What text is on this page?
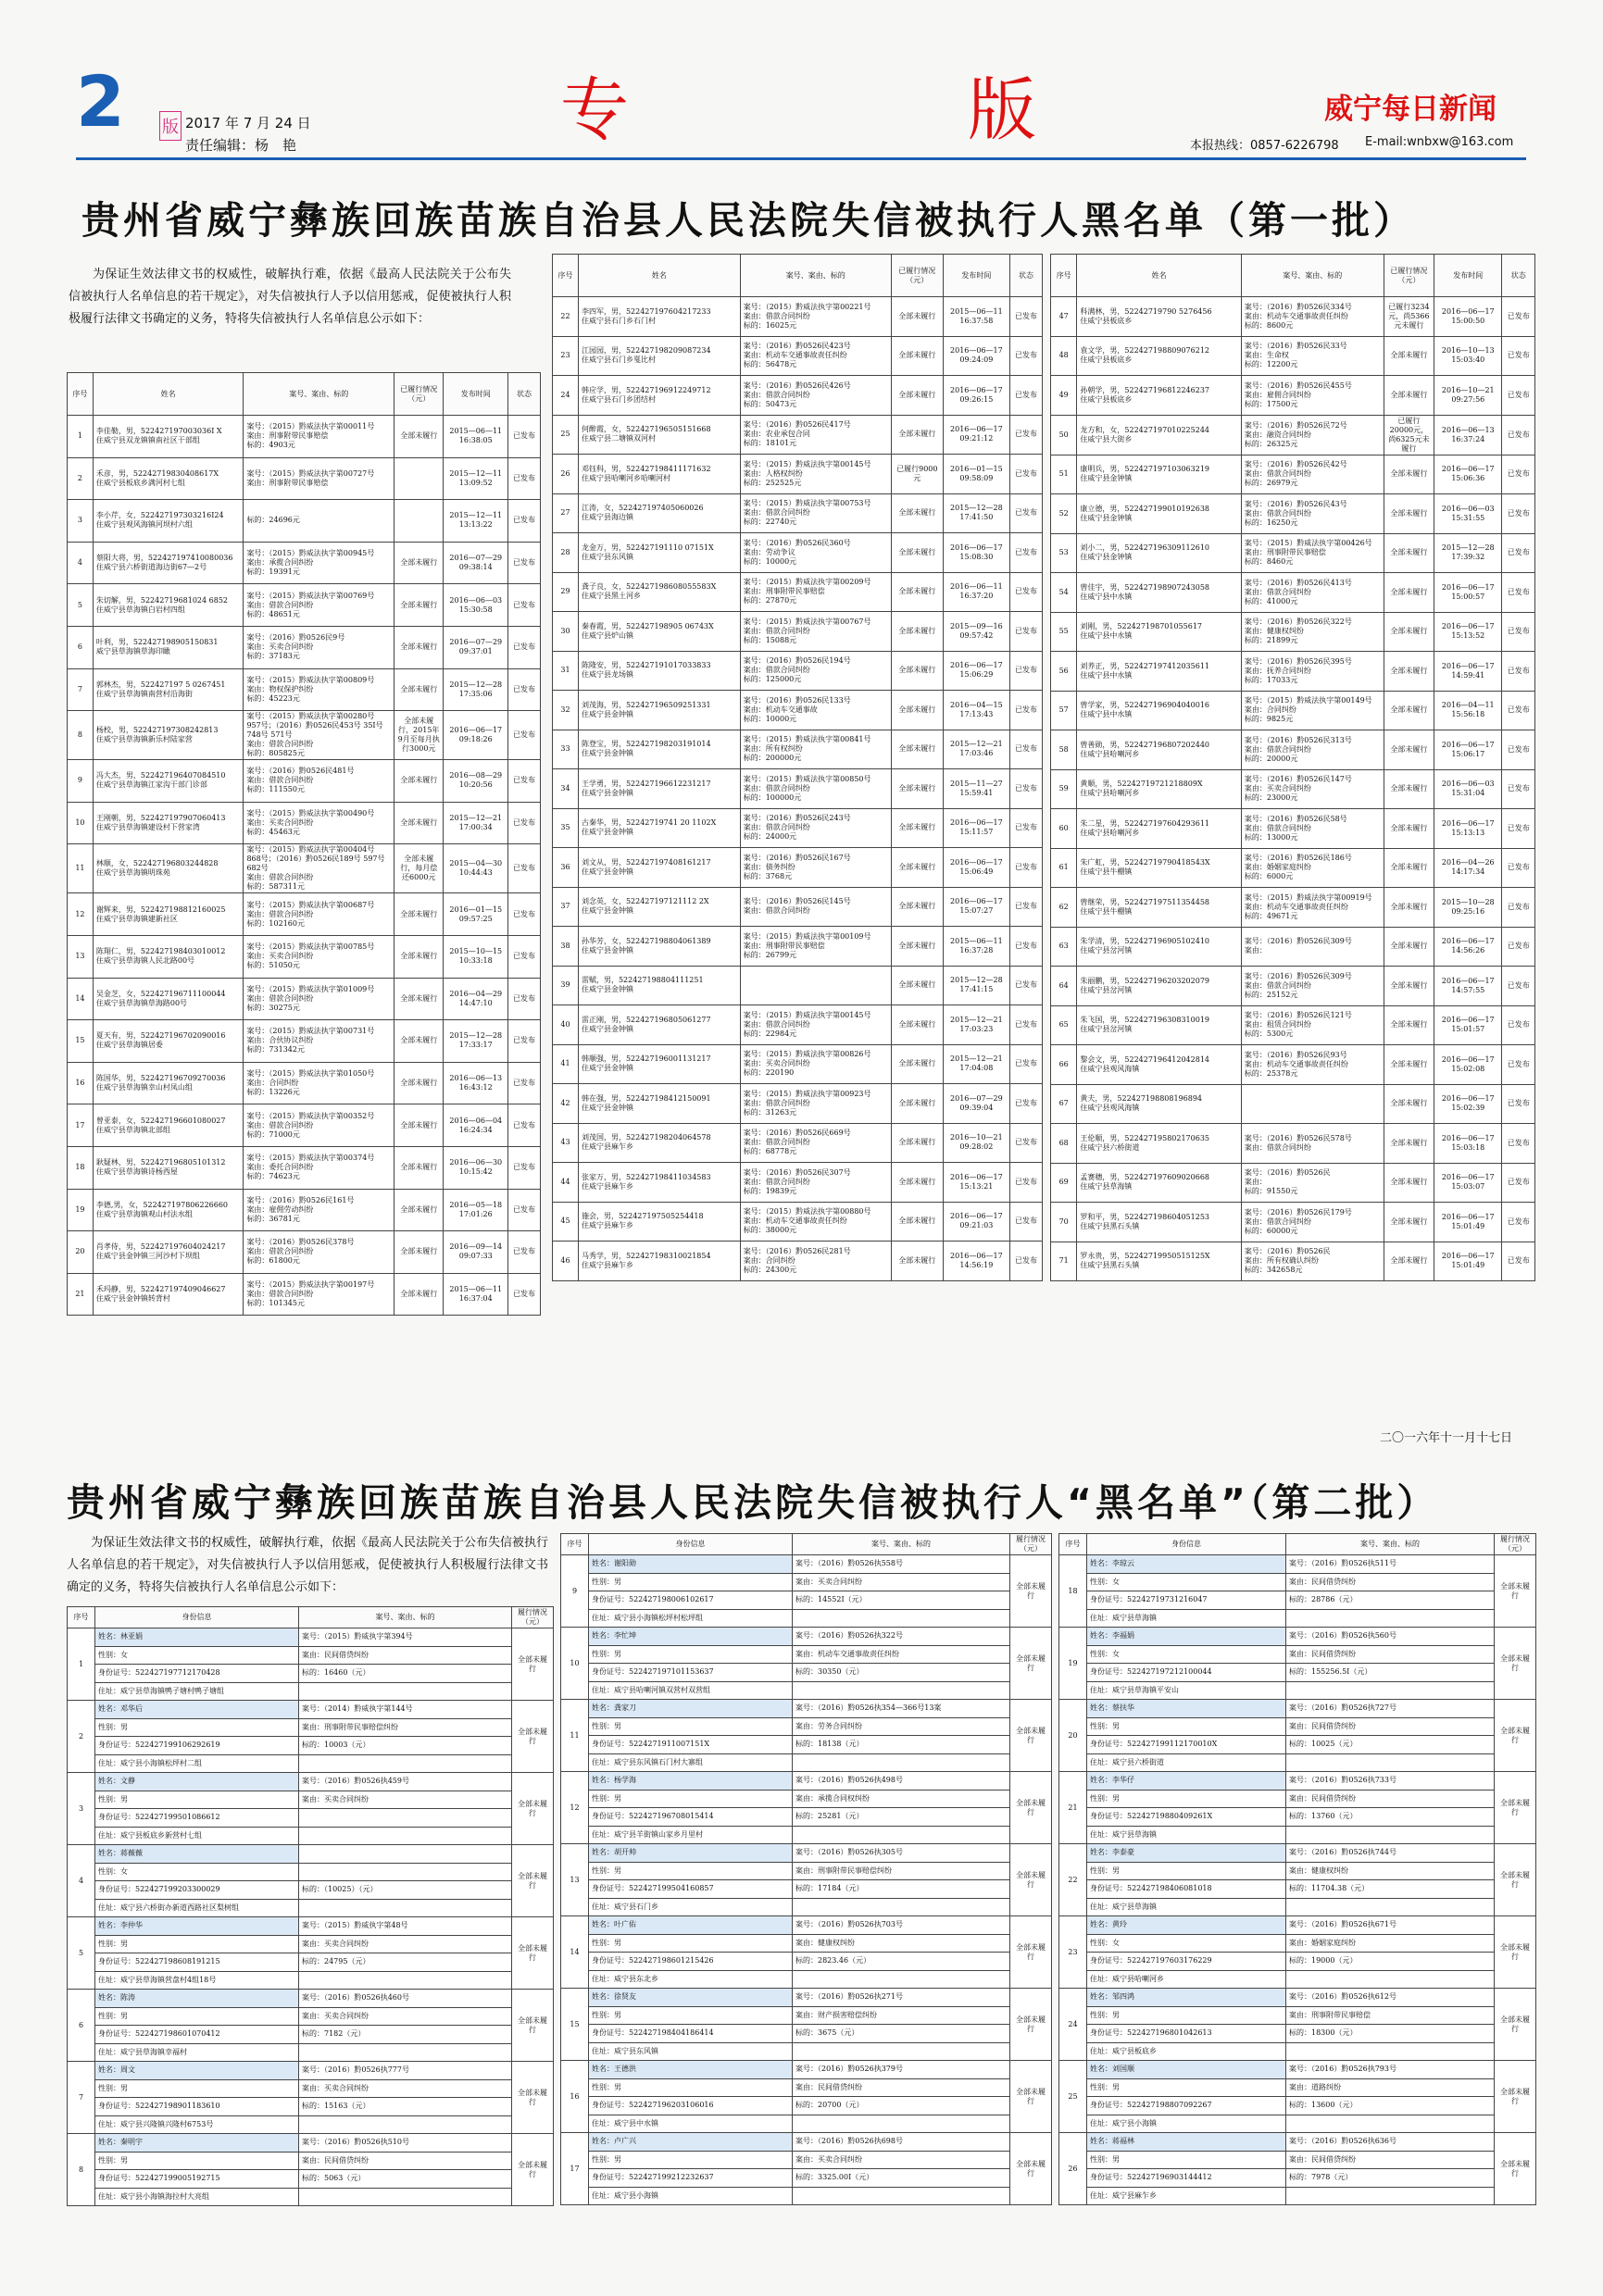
2 版 2017 年 7 月 24 日
责任编辑：杨　艳	专	版	威宁每日新闻
本报热线：0857-6226798 E-mail:wnbxw@163.com
贵州省威宁彝族回族苗族自治县人民法院失信被执行人黑名单（第一批）
为保证生效法律文书的权威性，破解执行难，依据《最高人民法院关于公布失信被执行人名单信息的若干规定》，对失信被执行人予以信用惩戒，促使被执行人积极履行法律文书确定的义务，特将失信被执行人名单信息公示如下：
序号	姓名	案号、案由、标的	已履行情况（元）	发布时间	状态
1	李佳勒，男，522427197003036I X
住威宁县双龙镇镇南社区干部组	案号：（2015）黔威法执字第00011号
案由：刑事附带民事赔偿
标的：4903元	全部未履行	2015—06—11 16:38:05	已发布
2	禾彦，男，52242719830408617X
住威宁县板底乡满河村七组	案号：（2015）黔威法执字第00727号
案由：刑事附带民事赔偿		2015—12—11 13:09:52	已发布
3	李小芹，女，522427197303216I24
住威宁县观风海镇河坝村六组	标的：24696元		2015—12—11 13:13:22	已发布
4	蔡阳大将，男，522427197410080036
住威宁县六桥街道海边街67—2号	案号：（2015）黔威法执字第00945号
案由：承揽合同纠纷
标的：19391元	全部未履行	2016—07—29 09:38:14	已发布
5	朱切解，男，52242719681024 6852
住威宁县草海镇白岩村四组	案号：（2015）黔威法执字第00769号
案由：借款合同纠纷
标的：48651元	全部未履行	2016—06—03 15:30:58	已发布
6	叶利，男，522427198905150831
威宁县草海镇草海印瞰	案号：（2016）黔0526民9号
案由：买卖合同纠纷
标的：37183元	全部未履行	2016—07—29 09:37:01	已发布
7	郭林杰，男，522427197 5 0267451
住威宁县草海镇南营村沿海街	案号：（2015）黔威法执字第00809号
案由：物权保护纠纷
标的：45223元	全部未履行	2015—12—28 17:35:06	已发布
8	杨校，男，522427197308242813
住威宁县草海镇新乐村陆家营	案号：（2015）黔威法执字第00280号 957号；（2016）黔0526民453号 35I号 748号 571号
案由：借款合同纠纷
标的：805825元	全部未履行，2015年9月至每月执行3000元	2016—06—17 09:18:26	已发布
9	冯大杰，男，522427196407084510
住威宁县草海镇江家沟干部门诊部	案号：（2016）黔0526民481号
案由：借款合同纠纷
标的：111550元	全部未履行	2016—08—29 10:20:56	已发布
10	王刚朝，男，522427197907060413
住威宁县草海镇建设村下营家湾	案号：（2015）黔威法执字第00490号
案由：买卖合同纠纷
标的：45463元	全部未履行	2015—12—21 17:00:34	已发布
11	林顺，女，522427196803244828
住威宁县草海镇明珠苑	案号：（2015）黔威法执字第00404号 868号；（2016）黔0526民189号 597号 682号
案由：借款合同纠纷
标的：587311元	全部未履行，每月偿还6000元	2015—04—30 10:44:43	已发布
12	谢辉来，男，522427198812160025
住威宁县草海镇建新社区	案号：（2015）黔威法执字第00687号
案由：借款合同纠纷
标的：102160元	全部未履行	2016—01—15 09:57:25	已发布
13	陈翔仁，男，522427198403010012
住威宁县草海镇人民北路00号	案号：（2015）黔威法执字第00785号
案由：买卖合同纠纷
标的：51050元	全部未履行	2015—10—15 10:33:18	已发布
14	吴金芝，女，522427196711100044
住威宁县草海镇草海路00号	案号：（2015）黔威法执字第01009号
案由：借款合同纠纷
标的：30275元	全部未履行	2016—04—29 14:47:10	已发布
15	夏天有，男，522427196702090016
住威宁县草海镇居委	案号：（2015）黔威法执字第00731号
案由：合伙协议纠纷
标的：731342元	全部未履行	2015—12—28 17:33:17	已发布
16	陈国华，男，522427196709270036
住威宁县草海镇幸山村凤山组	案号：（2015）黔威法执字第01050号
案由：合同纠纷
标的：13226元	全部未履行	2016—06—13 16:43:12	已发布
17	曾亚泰，女，522427196601080027
住威宁县草海镇北部组	案号：（2015）黔威法执字第00352号
案由：借款合同纠纷
标的：71000元	全部未履行	2016—06—04 16:24:34	已发布
18	耿疑林，男，522427196805101312
住威宁县草海镇诗杨西屋	案号：（2015）黔威法执字第00374号
案由：委托合同纠纷
标的：74623元	全部未履行	2016—06—30 10:15:42	已发布
19	李德,男，女，522427197806226660
住威宁县草海镇观山村法水组	案号：（2016）黔0526民161号
案由：雇佣劳动纠纷
标的：36781元	全部未履行	2016—05—18 17:01:26	已发布
20	肖孝侍，男，522427197604024217
住威宁县金钟镇三河沙村下坝组	案号：（2016）黔0526民378号
案由：借款合同纠纷
标的：61800元	全部未履行	2016—09—14 09:07:33	已发布
21	禾玛静，男，522427197409046627
住威宁县金钟镇转背村	案号：（2015）黔威法执字第00197号
案由：借款合同纠纷
标的：101345元	全部未履行	2015—06—11 16:37:04	已发布
序号	姓名	案号、案由、标的	已履行情况（元）	发布时间	状态
22	李四军，男，522427197604217233
住威宁县石门乡石门村	案号：（2015）黔威法执字第00221号
案由：借款合同纠纷
标的：16025元	全部未履行	2015—06—11 16:37:58	已发布
23	江园园，男，522427198209087234
住威宁县石门乡戛比村	案号：（2016）黔0526民423号
案由：机动车交通事故责任纠纷
标的：56478元	全部未履行	2016—06—17 09:24:09	已发布
24	韩应学，男，522427196912249712
住威宁县石门乡团结村	案号：（2016）黔0526民426号
案由：借款合同纠纷
标的：50473元	全部未履行	2016—06—17 09:26:15	已发布
25	何醉霞，女，522427196505151668
住威宁县二塘镇双河村	案号：（2016）黔0526民417号
案由：农业承包合同
标的：18101元	全部未履行	2016—06—17 09:21:12	已发布
26	邓钰科，男，522427198411171632
住威宁县哈喇河乡哈喇河村	案号：（2015）黔威法执字第00145号
案由：人格权纠纷
标的：252525元	已履行9000元	2016—01—15 09:58:09	已发布
27	江涛，女，522427197405060026
住威宁县海边镇	案号：（2015）黔威法执字第00753号
案由：借款合同纠纷
标的：22740元	全部未履行	2015—12—28 17:41:50	已发布
28	龙金万，男，522427191110 07151X
住威宁县东风镇	案号：（2016）黔0526民360号
案由：劳动争议
标的：10000元	全部未履行	2016—06—17 15:08:30	已发布
29	龚子良，女，522427198608055583X
住威宁县黑土河乡	案号：（2015）黔威法执字第00209号
案由：刑事附带民事赔偿
标的：27870元	全部未履行	2016—06—11 16:37:20	已发布
30	秦春霞，男，522427198905 06743X
住威宁县炉山镇	案号：（2015）黔威法执字第00767号
案由：借款合同纠纷
标的：15088元	全部未履行	2015—09—16 09:57:42	已发布
31	陈隆安，男，522427191017033833
住威宁县龙场镇	案号：（2016）黔0526民194号
案由：借款合同纠纷
标的：125000元	全部未履行	2016—06—17 15:06:29	已发布
32	刘茂海，男，522427196509251331
住威宁县金钟镇	案号：（2016）黔0526民133号
案由：机动车交通事故
标的：10000元	全部未履行	2016—04—15 17:13:43	已发布
33	陈登宝，男，522427198203191014
住威宁县金钟镇	案号：（2015）黔威法执字第00841号
案由：所有权纠纷
标的：200000元	全部未履行	2015—12—21 17:03:46	已发布
34	王学勇，男，522427196612231217
住威宁县金钟镇	案号：（2015）黔威法执字第00850号
案由：借款合同纠纷
标的：100000元	全部未履行	2015—11—27 15:59:41	已发布
35	古秦华，男，52242719741 20 1102X
住威宁县金钟镇	案号：（2016）黔0526民243号
案由：借款合同纠纷
标的：24000元	全部未履行	2016—06—17 15:11:57	已发布
36	刘文从，男，522427197408161217
住威宁县金钟镇	案号：（2016）黔0526民167号
案由：债务纠纷
标的：3768元	全部未履行	2016—06—17 15:06:49	已发布
37	刘念英，女，522427197121112 2X
住威宁县金钟镇	案号：（2016）黔0526民145号
案由：借款合同纠纷	全部未履行	2016—06—17 15:07:27	已发布
38	孙华芳，女，522427198804061389
住威宁县金钟镇	案号：（2015）黔威法执字第00109号
案由：刑事附带民事赔偿
标的：26799元	全部未履行	2015—06—11 16:37:28	已发布
39	雷赋，男，522427198804111251
住威宁县金钟镇		全部未履行	2015—12—28 17:41:15	已发布
40	雷正刚，男，522427196805061277
住威宁县金钟镇	案号：（2015）黔威法执字第00145号
案由：借款合同纠纷
标的：22984元	全部未履行	2015—12—21 17:03:23	已发布
41	韩顺强，男，522427196001131217
住威宁县金钟镇	案号：（2015）黔威法执字第00826号
案由：买卖合同纠纷
标的：220190	全部未履行	2015—12—21 17:04:08	已发布
42	韩在强，男，522427198412150091
住威宁县金钟镇	案号：（2015）黔威法执字第00923号
案由：借款合同纠纷
标的：31263元	全部未履行	2016—07—29 09:39:04	已发布
43	刘茂国，男，522427198204064578
住威宁县麻乍乡	案号：（2016）黔0526民669号
案由：借款合同纠纷
标的：68778元	全部未履行	2016—10—21 09:28:02	已发布
44	张家万，男，522427198411034583
住威宁县麻乍乡	案号：（2016）黔0526民307号
案由：借款合同纠纷
标的：19839元	全部未履行	2016—06—17 15:13:21	已发布
45	施会，男，522427197505254418
住威宁县麻乍乡	案号：（2015）黔威法执字第00880号
案由：机动车交通事故责任纠纷
标的：38000元	全部未履行	2016—06—17 09:21:03	已发布
46	马秀学，男，522427198310021854
住威宁县麻乍乡	案号：（2016）黔0526民281号
案由：合同纠纷
标的：24300元	全部未履行	2016—06—17 14:56:19	已发布
序号	姓名	案号、案由、标的	已履行情况（元）	发布时间	状态
47	科满林，男，52242719790 5276456
住威宁县板底乡	案号：（2016）黔0526民334号
案由：机动车交通事故责任纠纷
标的：8600元	已履行3234元，尚5366元未履行	2016—06—17 15:00:50	已发布
48	袁文学，男，522427198809076212
住威宁县板底乡	案号：（2016）黔0526民33号
案由：生命权
标的：12200元	全部未履行	2016—10—13 15:03:40	已发布
49	孙朝学，男，522427196812246237
住威宁县板底乡	案号：（2016）黔0526民455号
案由：雇佣合同纠纷
标的：17500元	全部未履行	2016—10—21 09:27:56	已发布
50	龙方和，女，522427197010225244
住威宁县大街乡	案号：（2016）黔0526民72号
案由：融资合同纠纷
标的：26325元	已履行20000元，尚6325元未履行	2016—06—13 16:37:24	已发布
51	康明兵，男，522427197103063219
住威宁县金钟镇	案号：（2016）黔0526民42号
案由：借款合同纠纷
标的：26979元	全部未履行	2016—06—17 15:06:36	已发布
52	康立德，男，522427199010192638
住威宁县金钟镇	案号：（2016）黔0526民43号
案由：借款合同纠纷
标的：16250元	全部未履行	2016—06—03 15:31:55	已发布
53	刘小二，男，522427196309112610
住威宁县金钟镇	案号：（2015）黔威法执字第00426号
案由：刑事附带民事赔偿
标的：8460元	全部未履行	2015—12—28 17:39:32	已发布
54	曾佳宇，男，522427198907243058
住威宁县中水镇	案号：（2016）黔0526民413号
案由：借款合同纠纷
标的：41000元	全部未履行	2016—06—17 15:00:57	已发布
55	刘刚，男，522427198701055617
住威宁县中水镇	案号：（2016）黔0526民322号
案由：健康权纠纷
标的：21899元	全部未履行	2016—06—17 15:13:52	已发布
56	刘养正，男，522427197412035611
住威宁县中水镇	案号：（2016）黔0526民395号
案由：抚养合同纠纷
标的：17033元	全部未履行	2016—06—17 14:59:41	已发布
57	曾学家，男，522427196904040016
住威宁县中水镇	案号：（2015）黔威法执字第00149号
案由：合同纠纷
标的：9825元	全部未履行	2016—04—11 15:56:18	已发布
58	曾善勋，男，522427196807202440
住威宁县哈喇河乡	案号：（2016）黔0526民313号
案由：借款合同纠纷
标的：20000元	全部未履行	2016—06—17 15:06:17	已发布
59	黄顺，男，52242719721218809X
住威宁县哈喇河乡	案号：（2016）黔0526民147号
案由：买卖合同纠纷
标的：23000元	全部未履行	2016—06—03 15:31:04	已发布
60	朱二星，男，522427197604293611
住威宁县哈喇河乡	案号：（2016）黔0526民58号
案由：借款合同纠纷
标的：13000元	全部未履行	2016—06—17 15:13:13	已发布
61	朱广虹，男，52242719790418543X
住威宁县牛棚镇	案号：（2016）黔0526民186号
案由：婚姻家庭纠纷
标的：6000元	全部未履行	2016—04—26 14:17:34	已发布
62	曾继荣，男，522427197511354458
住威宁县牛棚镇	案号：（2015）黔威法执字第00919号
案由：机动车交通事故责任纠纷
标的：49671元	全部未履行	2015—10—28 09:25:16	已发布
63	朱学清，男，522427196905102410
住威宁县岔河镇	案号：（2016）黔0526民309号
案由：	全部未履行	2016—06—17 14:56:26	已发布
64	朱丽鹏，男，522427196203202079
住威宁县岔河镇	案号：（2016）黔0526民309号
案由：借款合同纠纷
标的：25152元	全部未履行	2016—06—17 14:57:55	已发布
65	朱飞国，男，522427196308310019
住威宁县岔河镇	案号：（2016）黔0526民121号
案由：租赁合同纠纷
标的：5300元	全部未履行	2016—06—17 15:01:57	已发布
66	黎会文，男，522427196412042814
住威宁县观风海镇	案号：（2016）黔0526民93号
案由：机动车交通事故责任纠纷
标的：25378元	全部未履行	2016—06—17 15:02:08	已发布
67	黄夫，男，522427198808196894
住威宁县观风海镇		全部未履行	2016—06—17 15:02:39	已发布
68	王伦顺，男，522427195802170635
住威宁县六桥街道	案号：（2016）黔0526民578号
案由：借款合同纠纷	全部未履行	2016—06—17 15:03:18	已发布
69	孟赛穗，男，522427197609020668
住威宁县草海镇	案号：（2016）黔0526民
案由：
标的：91550元	全部未履行	2016—06—17 15:03:07	已发布
70	罗和平，男，522427198604051253
住威宁县黑石头镇	案号：（2016）黔0526民179号
案由：借款合同纠纷
标的：60000元	全部未履行	2016—06—17 15:01:49	已发布
71	罗永贵，男，52242719950515125X
住威宁县黑石头镇	案号：（2016）黔0526民
案由：所有权确认纠纷
标的：342658元	全部未履行	2016—06—17 15:01:49	已发布
二〇一六年十一月十七日
贵州省威宁彝族回族苗族自治县人民法院失信被执行人“黑名单”（第二批）
为保证生效法律文书的权威性，破解执行难，依据《最高人民法院关于公布失信被执行人名单信息的若干规定》，对失信被执行人予以信用惩戒，促使被执行人积极履行法律文书确定的义务，特将失信被执行人名单信息公示如下：
序号	身份信息	案号、案由、标的	履行情况（元）
1	姓名：林亚娟	案号：（2015）黔威执字第394号	全部未履行
	性别：女	案由：民间借贷纠纷	
	身份证号：522427197712170428	标的：16460（元）	
	住址：威宁县草海镇鸭子塘村鸭子塘组		
2	姓名：邓华后	案号：（2014）黔威执字第144号	全部未履行
	性别：男	案由：刑事附带民事赔偿纠纷	
	身份证号：522427199106292619	标的：10003（元）	
	住址：威宁县小海镇松坪村二组		
3	姓名：文静	案号：（2016）黔0526执459号	全部未履行
	性别：男	案由：买卖合同纠纷	
	身份证号：522427199501086612		
	住址：威宁县板底乡新营村七组		
4	姓名：蒋薇薇		全部未履行
	性别：女		
	身份证号：522427199203300029	标的：（10025）（元）	
	住址：威宁县六桥街办新道西路社区梨树组		
5	姓名：李仲华	案号：（2015）黔威执字第48号	全部未履行
	性别：男	案由：买卖合同纠纷	
	身份证号：522427198608191215	标的：24795（元）	
	住址：威宁县草海镇营盘村4组18号		
6	姓名：陈涛	案号：（2016）黔0526执460号	全部未履行
	性别：男	案由：买卖合同纠纷	
	身份证号：522427198601070412	标的：7182（元）	
	住址：威宁县草海镇幸福村		
7	姓名：周文	案号：（2016）黔0526执777号	全部未履行
	性别：男	案由：买卖合同纠纷	
	身份证号：522427198901183610	标的：15163（元）	
	住址：威宁县兴隆镇兴隆村6753号		
8	姓名：秦明宇	案号：（2016）黔0526执510号	全部未履行
	性别：男	案由：民间借贷纠纷	
	身份证号：522427199005192715	标的：5063（元）	
	住址：威宁县小海镇海拉村大亮组		
序号	身份信息	案号、案由、标的	履行情况（元）
9	姓名：谢阳勋	案号：（2016）黔0526执558号	全部未履行
	性别：男	案由：买卖合同纠纷	
	身份证号：522427198006102617	标的：14552I（元）	
	住址：威宁县小海镇松坪村松坪组		
10	姓名：李忙坤	案号：（2016）黔0526执322号	全部未履行
	性别：男	案由：机动车交通事故责任纠纷	
	身份证号：522427197101153637	标的：30350（元）	
	住址：威宁县哈喇河镇双营村双营组		
11	姓名：龚家刀	案号：（2016）黔0526执354—366号13案	全部未履行
	性别：男	案由：劳务合同纠纷	
	身份证号：5224271911007151X	标的：18138（元）	
	住址：威宁县东风镇石门村大寨组		
12	姓名：杨学海	案号：（2016）黔0526执498号	全部未履行
	性别：男	案由：承揽合同权纠纷	
	身份证号：522427196708015414	标的：25281（元）	
	住址：威宁县羊街镇山家乡月里村		
13	姓名：胡开帅	案号：（2016）黔0526执305号	全部未履行
	性别：男	案由：刑事附带民事赔偿纠纷	
	身份证号：522427199504160857	标的：17184（元）	
	住址：威宁县石门乡		
14	姓名：叶广佑	案号：（2016）黔0526执703号	全部未履行
	性别：男	案由：健康权纠纷	
	身份证号：522427198601215426	标的：2823.46（元）	
	住址：威宁县东北乡		
15	姓名：徐贤友	案号：（2016）黔0526执271号	全部未履行
	性别：男	案由：财产损害赔偿纠纷	
	身份证号：522427198404186414	标的：3675（元）	
	住址：威宁县东风镇		
16	姓名：王德洪	案号：（2016）黔0526执379号	全部未履行
	性别：男	案由：民间借贷纠纷	
	身份证号：522427196203106016	标的：20700（元）	
	住址：威宁县中水镇		
17	姓名：卢广兴	案号：（2016）黔0526执698号	全部未履行
	性别：男	案由：买卖合同纠纷	
	身份证号：522427199212232637	标的：3325.00I（元）	
	住址：威宁县小海镇		
序号	身份信息	案号、案由、标的	履行情况（元）
18	姓名：李琼云	案号：（2016）黔0526执511号	全部未履行
	性别：女	案由：民间借贷纠纷	
	身份证号：52242719731216047	标的：28786（元）	
	住址：威宁县草海镇		
19	姓名：李福娟	案号：（2016）黔0526执560号	全部未履行
	性别：女	案由：民间借贷纠纷	
	身份证号：522427197212100044	标的：155256.5I（元）	
	住址：威宁县草海镇平安山		
20	姓名：蔡扶华	案号：（2016）黔0526执727号	全部未履行
	性别：男	案由：民间借贷纠纷	
	身份证号：522427199112170010X	标的：10025（元）	
	住址：威宁县六桥街道		
21	姓名：李华仔	案号：（2016）黔0526执733号	全部未履行
	性别：男	案由：民间借贷纠纷	
	身份证号：52242719880409261X	标的：13760（元）	
	住址：威宁县草海镇		
22	姓名：李泰豪	案号：（2016）黔0526执744号	全部未履行
	性别：男	案由：健康权纠纷	
	身份证号：522427198406081018	标的：11704.38（元）	
	住址：威宁县草海镇		
23	姓名：黄玲	案号：（2016）黔0526执671号	全部未履行
	性别：女	案由：婚姻家庭纠纷	
	身份证号：522427197603176229	标的：19000（元）	
	住址：威宁县哈喇河乡		
24	姓名：邹四鸿	案号：（2016）黔0526执612号	全部未履行
	性别：男	案由：刑事附带民事赔偿	
	身份证号：522427196801042613	标的：18300（元）	
	住址：威宁县板底乡		
25	姓名：刘国顺	案号：（2016）黔0526执793号	全部未履行
	性别：男	案由：道路纠纷	
	身份证号：522427198807092267	标的：13600（元）	
	住址：威宁县小海镇		
26	姓名：蒋福林	案号：（2016）黔0526执636号	全部未履行
	性别：男	案由：民间借贷纠纷	
	身份证号：522427196903144412	标的：7978（元）	
	住址：威宁县麻乍乡		
